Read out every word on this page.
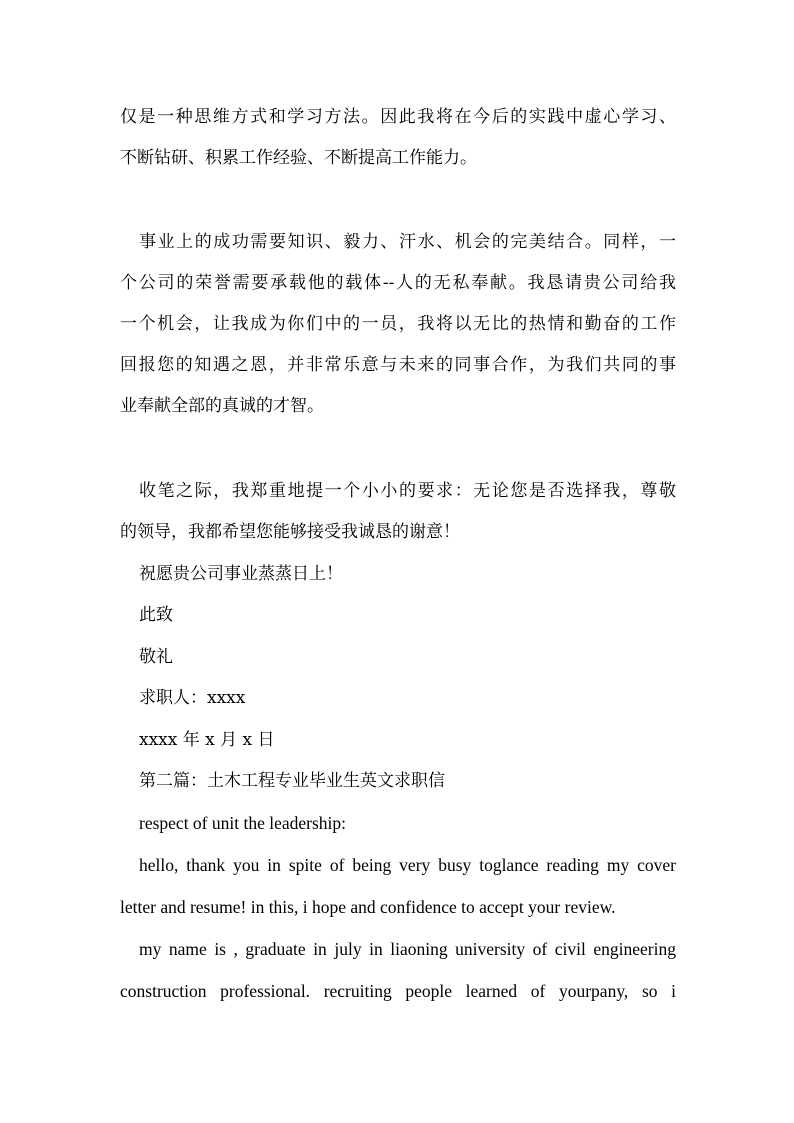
仅是一种思维方式和学习方法。因此我将在今后的实践中虚心学习、
不断钻研、积累工作经验、不断提高工作能力。
事业上的成功需要知识、毅力、汗水、机会的完美结合。同样，一
个公司的荣誉需要承载他的载体--人的无私奉献。我恳请贵公司给我
一个机会，让我成为你们中的一员，我将以无比的热情和勤奋的工作
回报您的知遇之恩，并非常乐意与未来的同事合作，为我们共同的事
业奉献全部的真诚的才智。
收笔之际，我郑重地提一个小小的要求：无论您是否选择我，尊敬
的领导，我都希望您能够接受我诚恳的谢意！
祝愿贵公司事业蒸蒸日上！
此致
敬礼
求职人：xxxx
xxxx 年 x 月 x 日
第二篇：土木工程专业毕业生英文求职信
respect of unit the leadership:
hello, thank you in spite of being very busy toglance reading my cover
letter and resume! in this, i hope and confidence to accept your review.
my name is , graduate in july in liaoning university of civil engineering
construction professional. recruiting people learned of yourpany, so i
